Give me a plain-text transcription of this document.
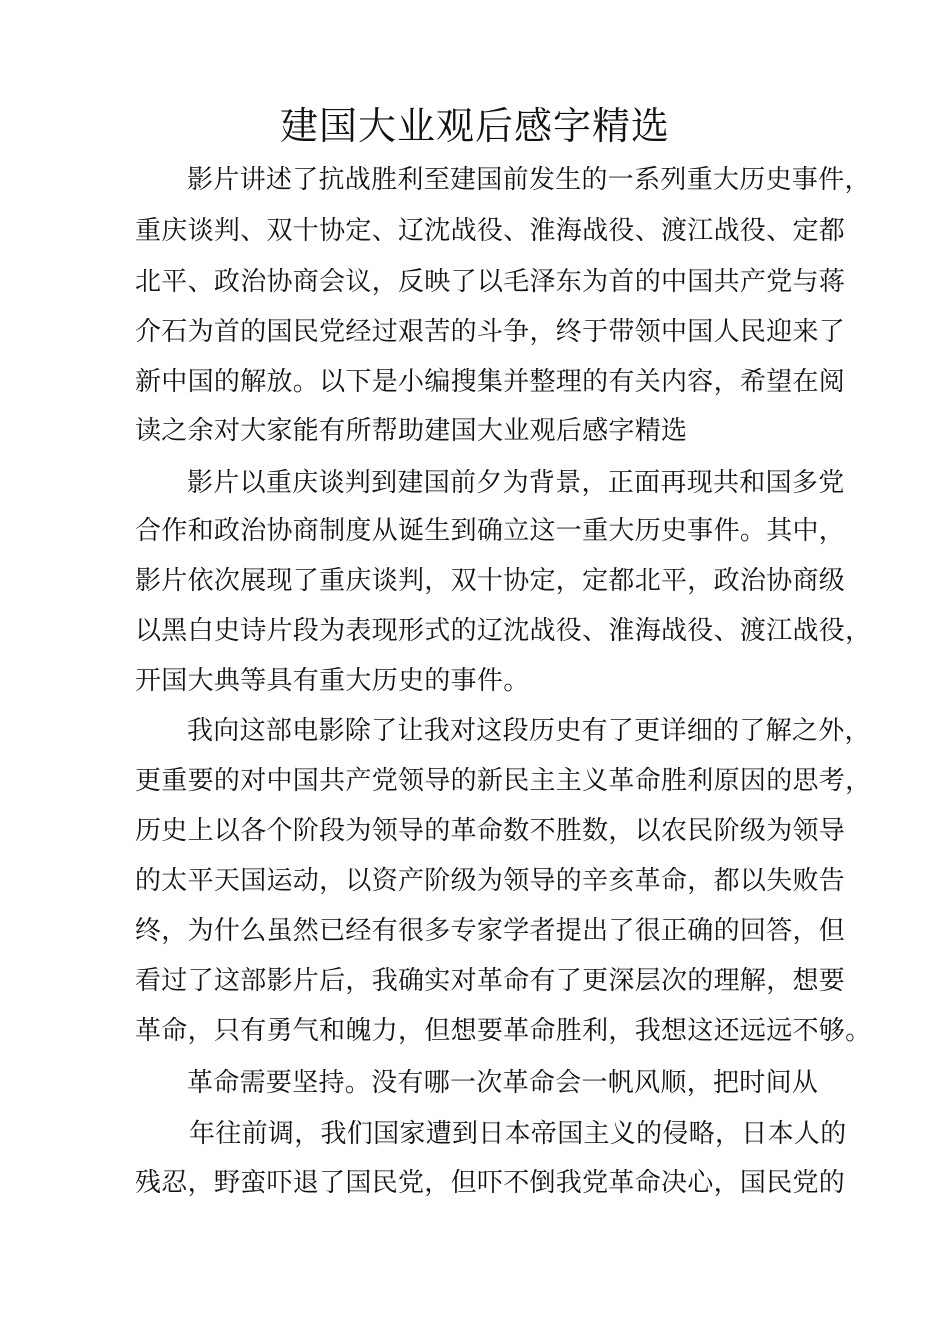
建国大业观后感字精选
影片讲述了抗战胜利至建国前发生的一系列重大历史事件，
重庆谈判、双十协定、辽沈战役、淮海战役、渡江战役、定都
北平、政治协商会议，反映了以毛泽东为首的中国共产党与蒋
介石为首的国民党经过艰苦的斗争，终于带领中国人民迎来了
新中国的解放。以下是小编搜集并整理的有关内容，希望在阅
读之余对大家能有所帮助建国大业观后感字精选
影片以重庆谈判到建国前夕为背景，正面再现共和国多党
合作和政治协商制度从诞生到确立这一重大历史事件。其中，
影片依次展现了重庆谈判，双十协定，定都北平，政治协商级
以黑白史诗片段为表现形式的辽沈战役、淮海战役、渡江战役，
开国大典等具有重大历史的事件。
我向这部电影除了让我对这段历史有了更详细的了解之外，
更重要的对中国共产党领导的新民主主义革命胜利原因的思考，
历史上以各个阶段为领导的革命数不胜数，以农民阶级为领导
的太平天国运动，以资产阶级为领导的辛亥革命，都以失败告
终，为什么虽然已经有很多专家学者提出了很正确的回答，但
看过了这部影片后，我确实对革命有了更深层次的理解，想要
革命，只有勇气和魄力，但想要革命胜利，我想这还远远不够。
革命需要坚持。没有哪一次革命会一帆风顺，把时间从
年往前调，我们国家遭到日本帝国主义的侵略，日本人的
残忍，野蛮吓退了国民党，但吓不倒我党革命决心，国民党的
